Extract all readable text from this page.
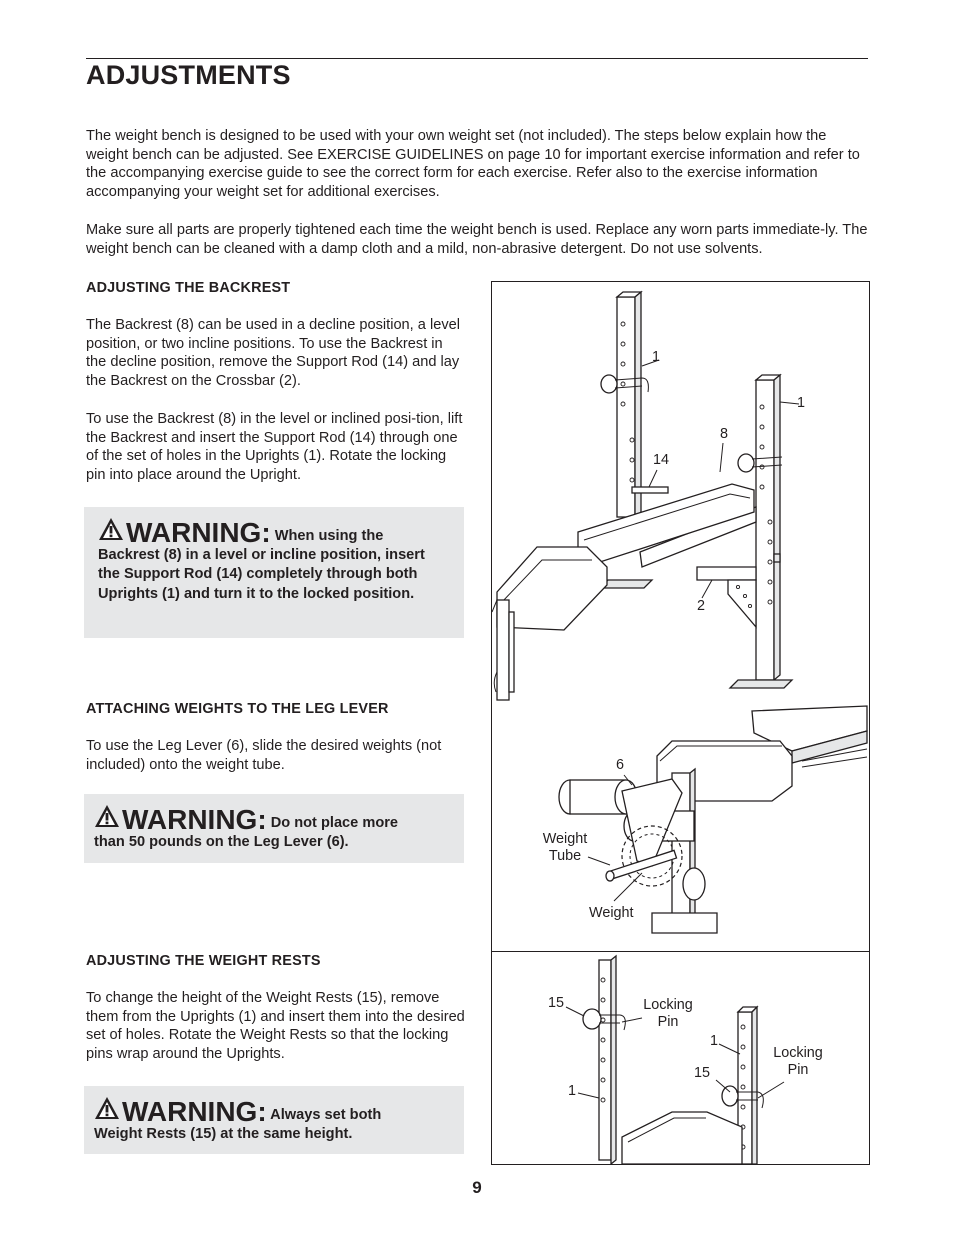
ADJUSTMENTS

The weight bench is designed to be used with your own weight set (not included). The steps below explain how the weight bench can be adjusted. See EXERCISE GUIDELINES on page 10 for important exercise information and refer to the accompanying exercise guide to see the correct form for each exercise. Refer also to the exercise information accompanying your weight set for additional exercises.

Make sure all parts are properly tightened each time the weight bench is used. Replace any worn parts immediate-ly. The weight bench can be cleaned with a damp cloth and a mild, non-abrasive detergent. Do not use solvents.

ADJUSTING THE BACKREST

The Backrest (8) can be used in a decline position, a level position, or two incline positions. To use the Backrest in the decline position, remove the Support Rod (14) and lay the Backrest on the Crossbar (2).

To use the Backrest (8) in the level or inclined posi-tion, lift the Backrest and insert the Support Rod (14) through one of the set of holes in the Uprights (1). Rotate the locking pin into place around the Upright.

WARNING: When using the
Backrest (8) in a level or incline position, insert the Support Rod (14) completely through both Uprights (1) and turn it to the locked position.
ATTACHING WEIGHTS TO THE LEG LEVER

To use the Leg Lever (6), slide the desired weights (not included) onto the weight tube.

WARNING: Do not place more
than 50 pounds on the Leg Lever (6).
ADJUSTING THE WEIGHT RESTS

To change the height of the Weight Rests (15), remove them from the Uprights (1) and insert them into the desired set of holes. Rotate the Weight Rests so that the locking pins wrap around the Uprights.

WARNING: Always set both
Weight Rests (15) at the same height.
1
1
8
14
2
6
Weight Tube
Weight
15	Locking Pin
1
15
Locking Pin
1

9
